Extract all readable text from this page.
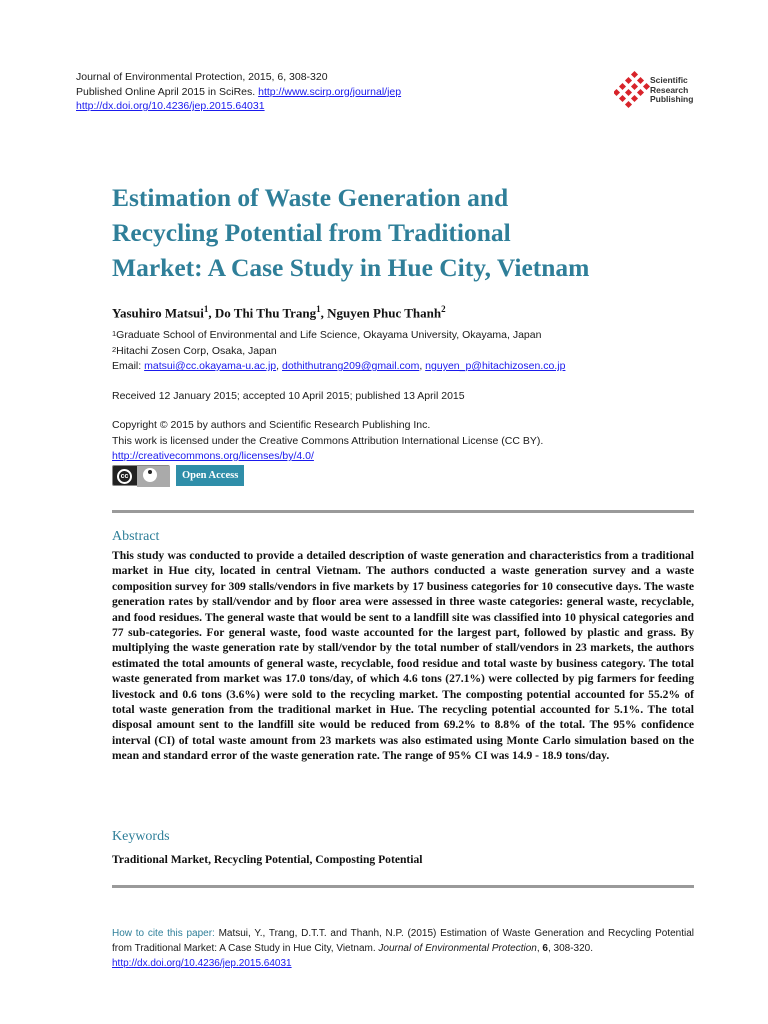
Journal of Environmental Protection, 2015, 6, 308-320
Published Online April 2015 in SciRes. http://www.scirp.org/journal/jep
http://dx.doi.org/10.4236/jep.2015.64031
Scientific
Research
Publishing
Estimation of Waste Generation and
Recycling Potential from Traditional
Market: A Case Study in Hue City, Vietnam
Yasuhiro Matsui$^1$, Do Thi Thu Trang$^1$, Nguyen Phuc Thanh$^2$
$^1$Graduate School of Environmental and Life Science, Okayama University, Okayama, Japan
$^2$Hitachi Zosen Corp, Osaka, Japan
Email: matsui@cc.okayama-u.ac.jp, dothithutrang209@gmail.com, nguyen_p@hitachizosen.co.jp
Received 12 January 2015; accepted 10 April 2015; published 13 April 2015
Copyright © 2015 by authors and Scientific Research Publishing Inc.
This work is licensed under the Creative Commons Attribution International License (CC BY).
http://creativecommons.org/licenses/by/4.0/
cc	Open Access
Abstract
This study was conducted to provide a detailed description of waste generation and characteristics from a traditional market in Hue city, located in central Vietnam. The authors conducted a waste generation survey and a waste composition survey for 309 stalls/vendors in five markets by 17 business categories for 10 consecutive days. The waste generation rates by stall/vendor and by floor area were assessed in three waste categories: general waste, recyclable, and food residues. The general waste that would be sent to a landfill site was classified into 10 physical categories and 77 sub-categories. For general waste, food waste accounted for the largest part, followed by plastic and grass. By multiplying the waste generation rate by stall/vendor by the total number of stall/vendors in 23 markets, the authors estimated the total amounts of general waste, recyclable, food residue and total waste by business category. The total waste generated from market was 17.0 tons/day, of which 4.6 tons (27.1%) were collected by pig farmers for feeding livestock and 0.6 tons (3.6%) were sold to the recycling market. The composting potential accounted for 55.2% of total waste generation from the traditional market in Hue. The recycling potential accounted for 5.1%. The total disposal amount sent to the landfill site would be reduced from 69.2% to 8.8% of the total. The 95% confidence interval (CI) of total waste amount from 23 markets was also estimated using Monte Carlo simulation based on the mean and standard error of the waste generation rate. The range of 95% CI was 14.9 - 18.9 tons/day.
Keywords
Traditional Market, Recycling Potential, Composting Potential
How to cite this paper: Matsui, Y., Trang, D.T.T. and Thanh, N.P. (2015) Estimation of Waste Generation and Recycling Potential from Traditional Market: A Case Study in Hue City, Vietnam. Journal of Environmental Protection, 6, 308-320.
http://dx.doi.org/10.4236/jep.2015.64031
